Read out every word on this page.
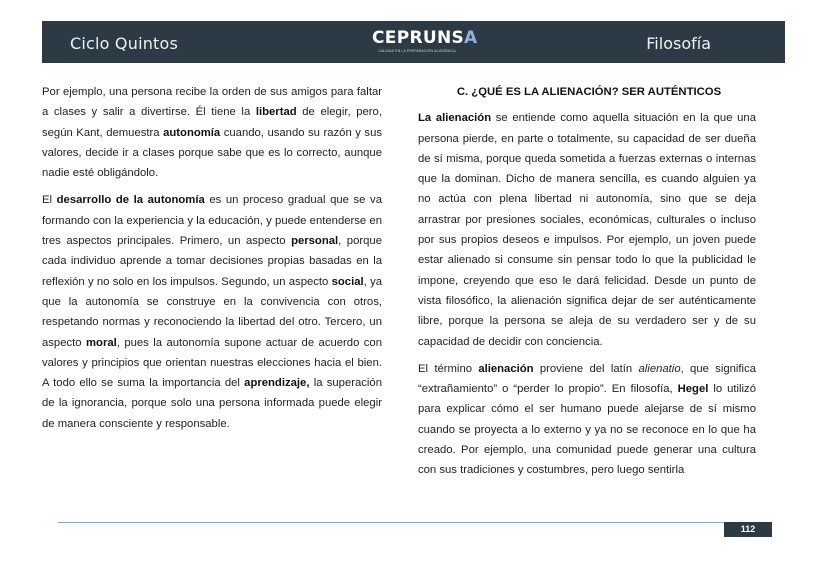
Ciclo Quintos	CEPRUNSA
CALIDAD EN LA PREPARACIÓN ACADÉMICA	Filosofía

Por ejemplo, una persona recibe la orden de sus amigos para faltar a clases y salir a divertirse. Él tiene la libertad de elegir, pero, según Kant, demuestra autonomía cuando, usando su razón y sus valores, decide ir a clases porque sabe que es lo correcto, aunque nadie esté obligándolo.

El desarrollo de la autonomía es un proceso gradual que se va formando con la experiencia y la educación, y puede entenderse en tres aspectos principales. Primero, un aspecto personal, porque cada individuo aprende a tomar decisiones propias basadas en la reflexión y no solo en los impulsos. Segundo, un aspecto social, ya que la autonomía se construye en la convivencia con otros, respetando normas y reconociendo la libertad del otro. Tercero, un aspecto moral, pues la autonomía supone actuar de acuerdo con valores y principios que orientan nuestras elecciones hacia el bien. A todo ello se suma la importancia del aprendizaje, la superación de la ignorancia, porque solo una persona informada puede elegir de manera consciente y responsable.

C. ¿QUÉ ES LA ALIENACIÓN? SER AUTÉNTICOS

La alienación se entiende como aquella situación en la que una persona pierde, en parte o totalmente, su capacidad de ser dueña de sí misma, porque queda sometida a fuerzas externas o internas que la dominan. Dicho de manera sencilla, es cuando alguien ya no actúa con plena libertad ni autonomía, sino que se deja arrastrar por presiones sociales, económicas, culturales o incluso por sus propios deseos e impulsos. Por ejemplo, un joven puede estar alienado si consume sin pensar todo lo que la publicidad le impone, creyendo que eso le dará felicidad. Desde un punto de vista filosófico, la alienación significa dejar de ser auténticamente libre, porque la persona se aleja de su verdadero ser y de su capacidad de decidir con conciencia.

El término alienación proviene del latín alienatio, que significa “extrañamiento” o “perder lo propio”. En filosofía, Hegel lo utilizó para explicar cómo el ser humano puede alejarse de sí mismo cuando se proyecta a lo externo y ya no se reconoce en lo que ha creado. Por ejemplo, una comunidad puede generar una cultura con sus tradiciones y costumbres, pero luego sentirla

112
